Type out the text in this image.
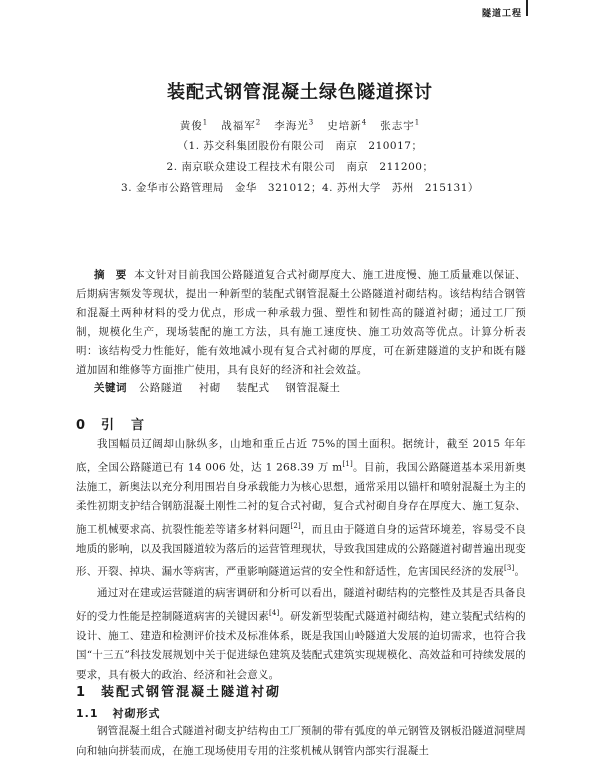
隧道工程
装配式钢管混凝土绿色隧道探讨
黄俊$^1$ 战福军$^2$ 李海光$^3$ 史培新$^4$ 张志宇$^1$
（1. 苏交科集团股份有限公司　南京　210017；
2. 南京联众建设工程技术有限公司　南京　211200；
3. 金华市公路管理局　金华　321012；4. 苏州大学　苏州　215131）
摘　要 本文针对目前我国公路隧道复合式衬砌厚度大、施工进度慢、施工质量难以保证、后期病害频发等现状，提出一种新型的装配式钢管混凝土公路隧道衬砌结构。该结构结合钢管和混凝土两种材料的受力优点，形成一种承载力强、塑性和韧性高的隧道衬砌；通过工厂预制，规模化生产，现场装配的施工方法，具有施工速度快、施工功效高等优点。计算分析表明：该结构受力性能好，能有效地减小现有复合式衬砌的厚度，可在新建隧道的支护和既有隧道加固和维修等方面推广使用，具有良好的经济和社会效益。
关键词 公路隧道 衬砌 装配式 钢管混凝土
0 引　言
我国幅员辽阔却山脉纵多，山地和重丘占近 75%的国土面积。据统计，截至 2015 年年底，全国公路隧道已有 14 006 处，达 1 268.39 万 m[1]。目前，我国公路隧道基本采用新奥法施工，新奥法以充分利用围岩自身承载能力为核心思想，通常采用以锚杆和喷射混凝土为主的柔性初期支护结合钢筋混凝土刚性二衬的复合式衬砌，复合式衬砌自身存在厚度大、施工复杂、施工机械要求高、抗裂性能差等诸多材料问题[2]，而且由于隧道自身的运营环境差，容易受不良地质的影响，以及我国隧道较为落后的运营管理现状，导致我国建成的公路隧道衬砌普遍出现变形、开裂、掉块、漏水等病害，严重影响隧道运营的安全性和舒适性，危害国民经济的发展[3]。
通过对在建或运营隧道的病害调研和分析可以看出，隧道衬砌结构的完整性及其是否具备良好的受力性能是控制隧道病害的关键因素[4]。研发新型装配式隧道衬砌结构，建立装配式结构的设计、施工、建造和检测评价技术及标准体系，既是我国山岭隧道大发展的迫切需求，也符合我国“十三五”科技发展规划中关于促进绿色建筑及装配式建筑实现规模化、高效益和可持续发展的要求，具有极大的政治、经济和社会意义。
1 装配式钢管混凝土隧道衬砌
1.1 衬砌形式
钢管混凝土组合式隧道衬砌支护结构由工厂预制的带有弧度的单元钢管及钢板沿隧道洞壁周向和轴向拼装而成，在施工现场使用专用的注浆机械从钢管内部实行混凝土
